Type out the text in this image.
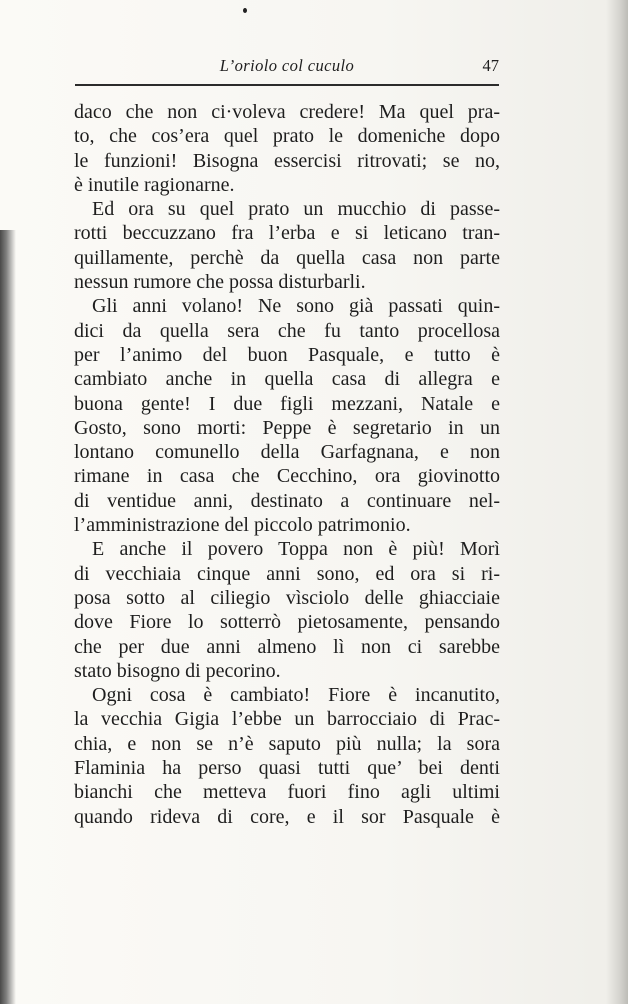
L’oriolo col cuculo	47
daco che non ci·voleva credere! Ma quel pra-
to, che cos’era quel prato le domeniche dopo
le funzioni! Bisogna essercisi ritrovati; se no,
è inutile ragionarne.
Ed ora su quel prato un mucchio di passe-
rotti beccuzzano fra l’erba e si leticano tran-
quillamente, perchè da quella casa non parte
nessun rumore che possa disturbarli.
Gli anni volano! Ne sono già passati quin-
dici da quella sera che fu tanto procellosa
per l’animo del buon Pasquale, e tutto è
cambiato anche in quella casa di allegra e
buona gente! I due figli mezzani, Natale e
Gosto, sono morti: Peppe è segretario in un
lontano comunello della Garfagnana, e non
rimane in casa che Cecchino, ora giovinotto
di ventidue anni, destinato a continuare nel-
l’amministrazione del piccolo patrimonio.
E anche il povero Toppa non è più! Morì
di vecchiaia cinque anni sono, ed ora si ri-
posa sotto al ciliegio vìsciolo delle ghiacciaie
dove Fiore lo sotterrò pietosamente, pensando
che per due anni almeno lì non ci sarebbe
stato bisogno di pecorino.
Ogni cosa è cambiato! Fiore è incanutito,
la vecchia Gigia l’ebbe un barrocciaio di Prac-
chia, e non se n’è saputo più nulla; la sora
Flaminia ha perso quasi tutti que’ bei denti
bianchi che metteva fuori fino agli ultimi
quando rideva di core, e il sor Pasquale è
